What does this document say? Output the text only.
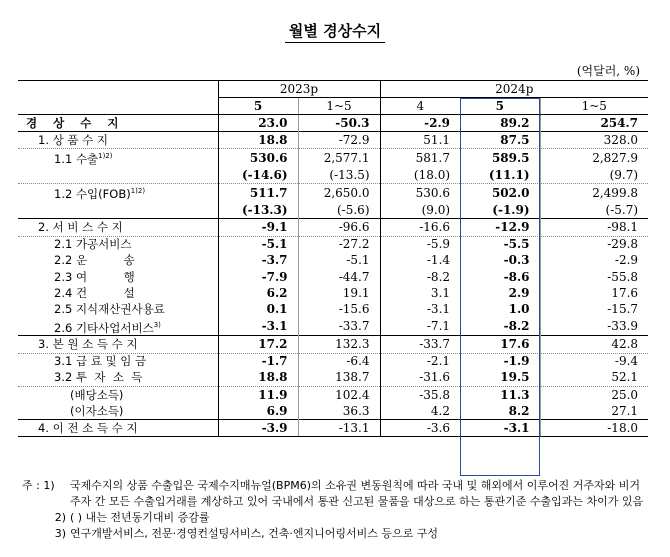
월별 경상수지
(억달러, %)
	2023p		2024p		
	5	1~5	4	5	1~5
경 상 수 지	23.0	-50.3	-2.9	89.2	254.7
1. 상 품 수 지	18.8	-72.9	51.1	87.5	328.0
1.1 수출$^{1)2)}$	530.6	2,577.1	581.7	589.5	2,827.9
	(-14.6)	(-13.5)	(18.0)	(11.1)	(9.7)
1.2 수입(FOB)$^{1)2)}$	511.7	2,650.0	530.6	502.0	2,499.8
	(-13.3)	(-5.6)	(9.0)	(-1.9)	(-5.7)
2. 서 비 스 수 지	-9.1	-96.6	-16.6	-12.9	-98.1
2.1 가공서비스	-5.1	-27.2	-5.9	-5.5	-29.8
2.2 운          송	-3.7	-5.1	-1.4	-0.3	-2.9
2.3 여          행	-7.9	-44.7	-8.2	-8.6	-55.8
2.4 건          설	6.2	19.1	3.1	2.9	17.6
2.5 지식재산권사용료	0.1	-15.6	-3.1	1.0	-15.7
2.6 기타사업서비스$^{3)}$	-3.1	-33.7	-7.1	-8.2	-33.9
3. 본 원 소 득 수 지	17.2	132.3	-33.7	17.6	42.8
3.1 급 료 및 임 금	-1.7	-6.4	-2.1	-1.9	-9.4
3.2 투  자  소  득	18.8	138.7	-31.6	19.5	52.1
(배당소득)	11.9	102.4	-35.8	11.3	25.0
(이자소득)	6.9	36.3	4.2	8.2	27.1
4. 이 전 소 득 수 지	-3.9	-13.1	-3.6	-3.1	-18.0
주 : 1)	국제수지의 상품 수출입은 국제수지매뉴얼(BPM6)의 소유권 변동원칙에 따라 국내 및 해외에서 이루어진 거주자와 비거주자 간 모든 수출입거래를 계상하고 있어 국내에서 통관 신고된 물품을 대상으로 하는 통관기준 수출입과는 차이가 있음
2) ( ) 내는 전년동기대비 증감률
3) 연구개발서비스, 전문·경영컨설팅서비스, 건축·엔지니어링서비스 등으로 구성
